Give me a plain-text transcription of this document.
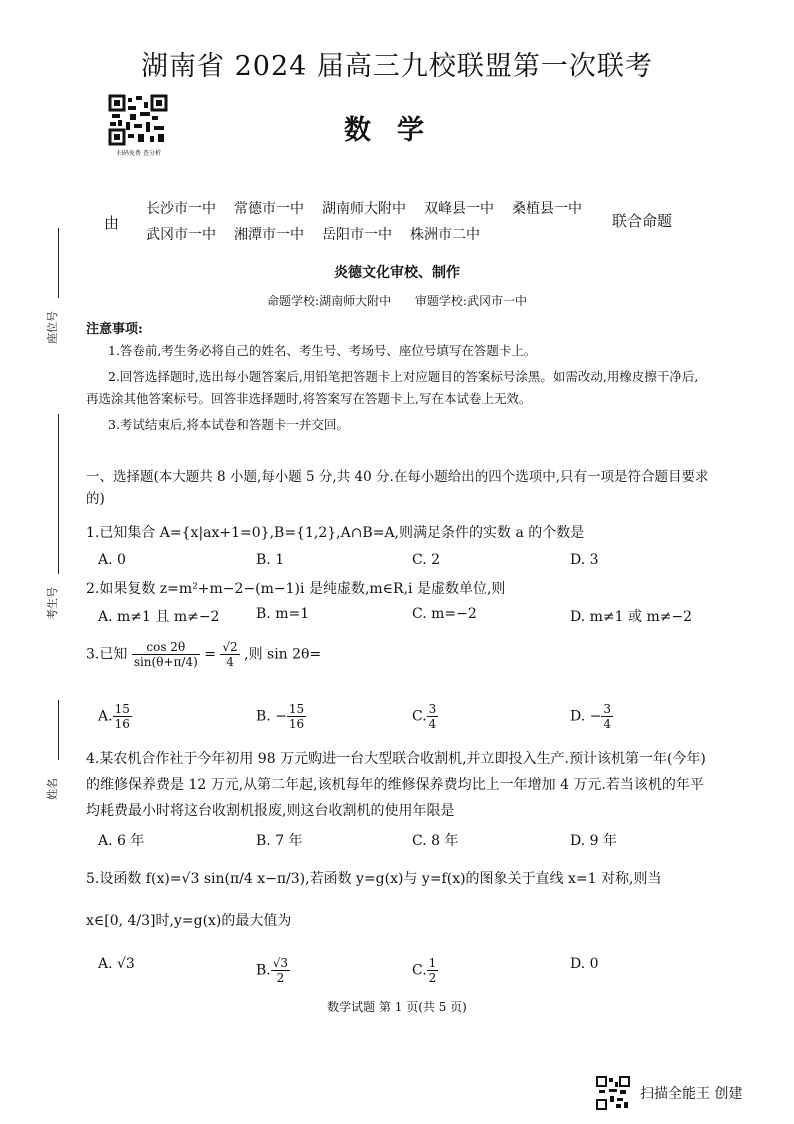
湖南省 2024 届高三九校联盟第一次联考
扫码免费 查分析
数学
由
长沙市一中 常德市一中 湖南师大附中 双峰县一中 桑植县一中
武冈市一中 湘潭市一中 岳阳市一中 株洲市二中
联合命题
炎德文化审校、制作
命题学校:湖南师大附中 审题学校:武冈市一中
座位号
考生号
姓名
注意事项:
1.答卷前,考生务必将自己的姓名、考生号、考场号、座位号填写在答题卡上。
2.回答选择题时,选出每小题答案后,用铅笔把答题卡上对应题目的答案标号涂黑。如需改动,用橡皮擦干净后,再选涂其他答案标号。回答非选择题时,将答案写在答题卡上,写在本试卷上无效。
3.考试结束后,将本试卷和答题卡一并交回。
一、选择题(本大题共 8 小题,每小题 5 分,共 40 分.在每小题给出的四个选项中,只有一项是符合题目要求的)
1.已知集合 A={x|ax+1=0},B={1,2},A∩B=A,则满足条件的实数 a 的个数是
A. 0	B. 1	C. 2	D. 3
2.如果复数 z=m²+m−2−(m−1)i 是纯虚数,m∈R,i 是虚数单位,则
A. m≠1 且 m≠−2	B. m=1	C. m=−2	D. m≠1 或 m≠−2
3.已知 $\frac{\cos 2\theta}{\sin(\theta+\pi/4)} = \frac{√2}{4}$ ,则 sin 2θ=
A. $\frac{15}{16}$	B. − $\frac{15}{16}$	C. $\frac{3}{4}$	D. − $\frac{3}{4}$
4.某农机合作社于今年初用 98 万元购进一台大型联合收割机,并立即投入生产.预计该机第一年(今年)的维修保养费是 12 万元,从第二年起,该机每年的维修保养费均比上一年增加 4 万元.若当该机的年平均耗费最小时将这台收割机报废,则这台收割机的使用年限是
A. 6 年	B. 7 年	C. 8 年	D. 9 年
5.设函数 f(x)=√3 sin(π/4 x−π/3),若函数 y=g(x)与 y=f(x)的图象关于直线 x=1 对称,则当
x∈[0, 4/3]时,y=g(x)的最大值为
A. √3	B. $\frac{√3}{2}$	C. $\frac{1}{2}$	D. 0
数学试题 第 1 页(共 5 页)
扫描全能王 创建
